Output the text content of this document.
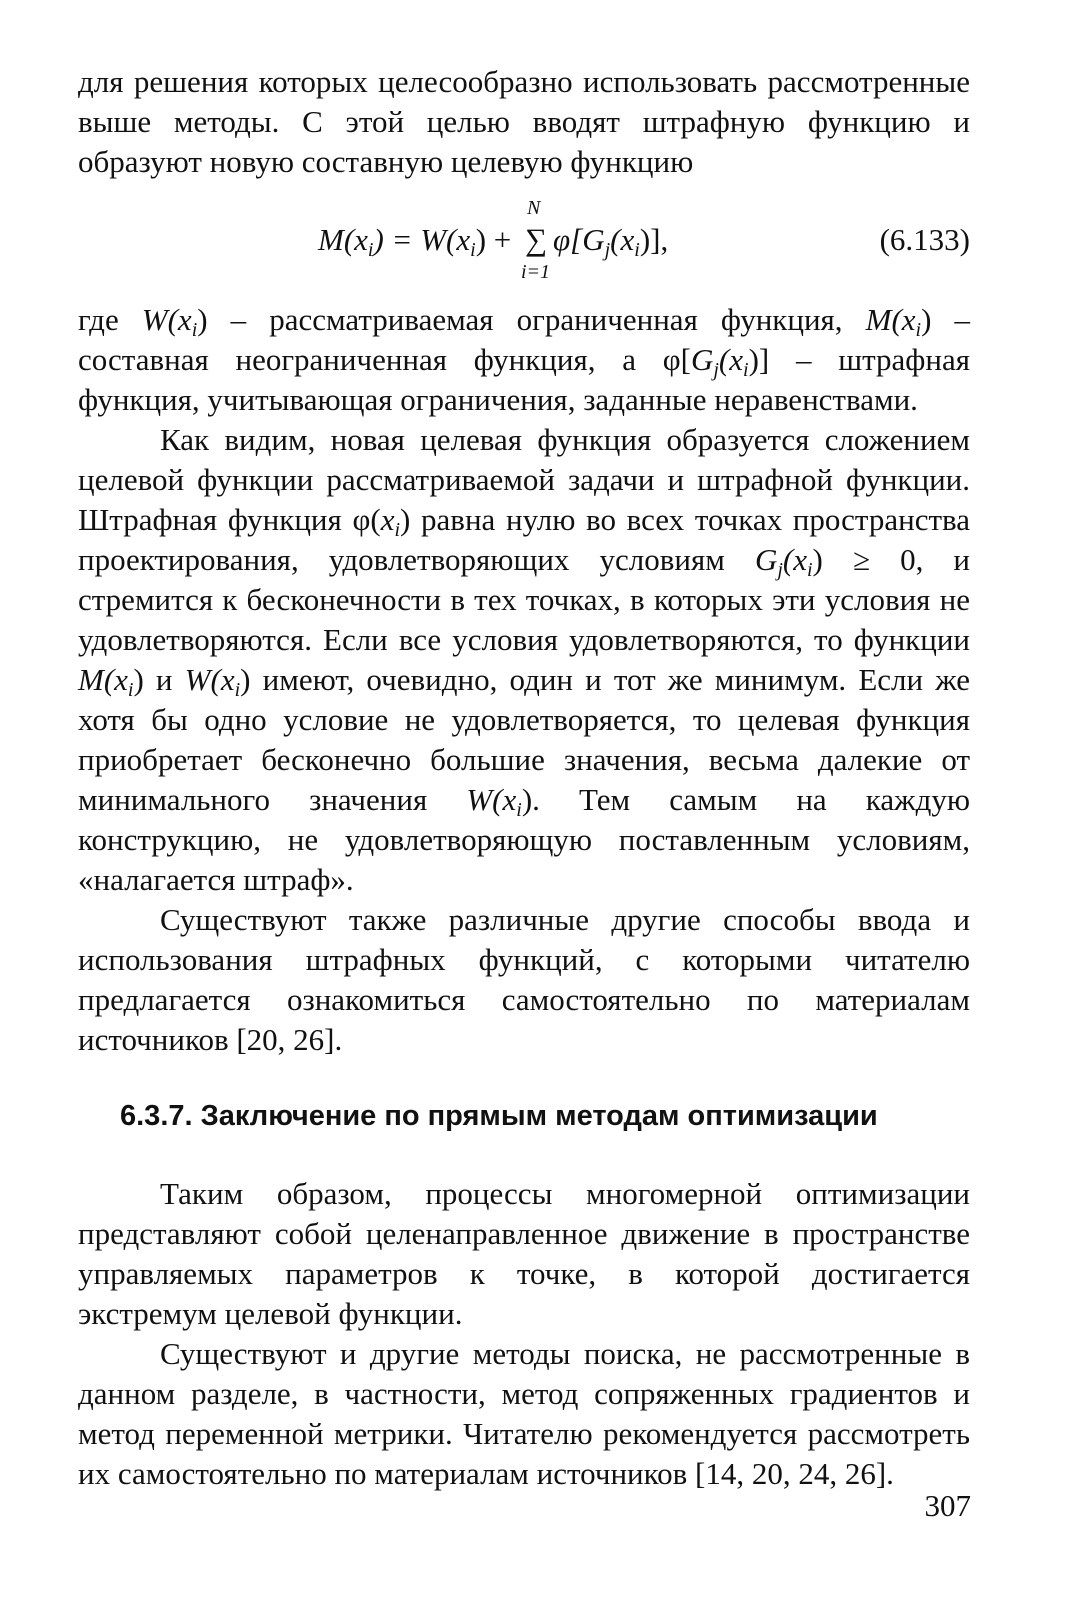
для решения которых целесообразно использовать рассмотренные выше методы. С этой целью вводят штрафную функцию и образуют новую составную целевую функцию

$M(x_i) = W(x_i)$ +
N
∑
i=1
$\varphi[G_j(x_i)]$,	(6.133)

где $W(x_i)$ – рассматриваемая ограниченная функция, $M(x_i)$ – составная неограниченная функция, а $\varphi[G_j(x_i)]$ – штрафная функция, учитывающая ограничения, заданные неравенствами.

Как видим, новая целевая функция образуется сложением целевой функции рассматриваемой задачи и штрафной функции. Штрафная функция $\varphi(x_i)$ равна нулю во всех точках пространства проектирования, удовлетворяющих условиям $G_j(x_i) \ge 0$, и стремится к бесконечности в тех точках, в которых эти условия не удовлетворяются. Если все условия удовлетворяются, то функции $M(x_i)$ и $W(x_i)$ имеют, очевидно, один и тот же минимум. Если же хотя бы одно условие не удовлетворяется, то целевая функция приобретает бесконечно большие значения, весьма далекие от минимального значения $W(x_i)$. Тем самым на каждую конструкцию, не удовлетворяющую поставленным условиям, «налагается штраф».

Существуют также различные другие способы ввода и использования штрафных функций, с которыми читателю предлагается ознакомиться самостоятельно по материалам источников [20, 26].

6.3.7. Заключение по прямым методам оптимизации

Таким образом, процессы многомерной оптимизации представляют собой целенаправленное движение в пространстве управляемых параметров к точке, в которой достигается экстремум целевой функции.

Существуют и другие методы поиска, не рассмотренные в данном разделе, в частности, метод сопряженных градиентов и метод переменной метрики. Читателю рекомендуется рассмотреть их самостоятельно по материалам источников [14, 20, 24, 26].

307
